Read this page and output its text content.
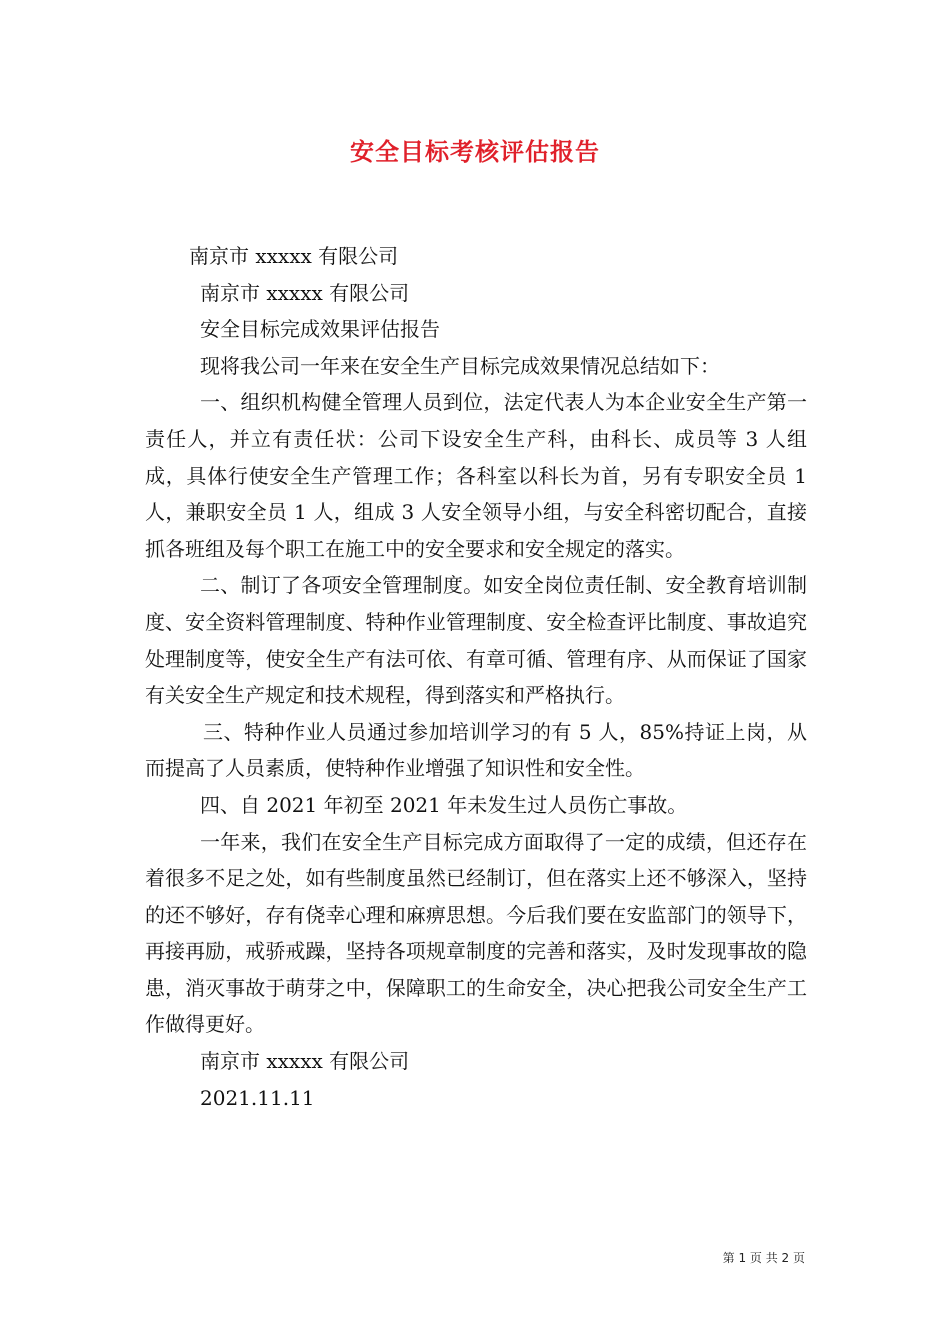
安全目标考核评估报告

南京市 xxxxx 有限公司

南京市 xxxxx 有限公司

安全目标完成效果评估报告

现将我公司一年来在安全生产目标完成效果情况总结如下：

一、组织机构健全管理人员到位，法定代表人为本企业安全生产第一责任人，并立有责任状：公司下设安全生产科，由科长、成员等 3 人组成，具体行使安全生产管理工作；各科室以科长为首，另有专职安全员 1 人，兼职安全员 1 人，组成 3 人安全领导小组，与安全科密切配合，直接抓各班组及每个职工在施工中的安全要求和安全规定的落实。

二、制订了各项安全管理制度。如安全岗位责任制、安全教育培训制度、安全资料管理制度、特种作业管理制度、安全检查评比制度、事故追究处理制度等，使安全生产有法可依、有章可循、管理有序、从而保证了国家有关安全生产规定和技术规程，得到落实和严格执行。

三、特种作业人员通过参加培训学习的有 5 人，85%持证上岗，从而提高了人员素质，使特种作业增强了知识性和安全性。

四、自 2021 年初至 2021 年未发生过人员伤亡事故。

一年来，我们在安全生产目标完成方面取得了一定的成绩，但还存在着很多不足之处，如有些制度虽然已经制订，但在落实上还不够深入，坚持的还不够好，存有侥幸心理和麻痹思想。今后我们要在安监部门的领导下，再接再励，戒骄戒躁，坚持各项规章制度的完善和落实，及时发现事故的隐患，消灭事故于萌芽之中，保障职工的生命安全，决心把我公司安全生产工作做得更好。

南京市 xxxxx 有限公司

2021.11.11

第 1 页 共 2 页
